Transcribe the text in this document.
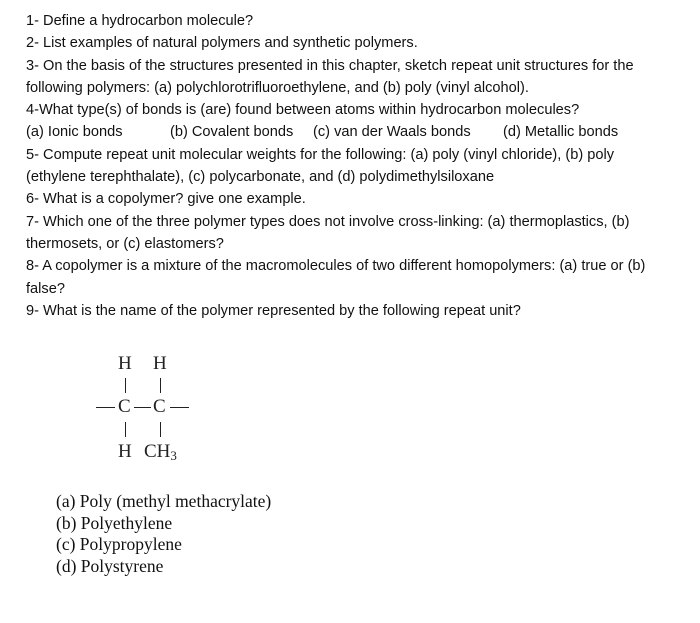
1- Define a hydrocarbon molecule?
2- List examples of natural polymers and synthetic polymers.
3- On the basis of the structures presented in this chapter, sketch repeat unit structures for the
following polymers: (a) polychlorotrifluoroethylene, and (b) poly (vinyl alcohol).
4-What type(s) of bonds is (are) found between atoms within hydrocarbon molecules?
(a) Ionic bonds	(b) Covalent bonds (c) van der Waals bonds (d) Metallic bonds
5- Compute repeat unit molecular weights for the following: (a) poly (vinyl chloride), (b) poly
(ethylene terephthalate), (c) polycarbonate, and (d) polydimethylsiloxane
6- What is a copolymer? give one example.
7- Which one of the three polymer types does not involve cross-linking: (a) thermoplastics, (b)
thermosets, or (c) elastomers?
8- A copolymer is a mixture of the macromolecules of two different homopolymers: (a) true or (b)
false?
9- What is the name of the polymer represented by the following repeat unit?
H H
C C
H $CH_3$
(a) Poly (methyl methacrylate)
(b) Polyethylene
(c) Polypropylene
(d) Polystyrene
